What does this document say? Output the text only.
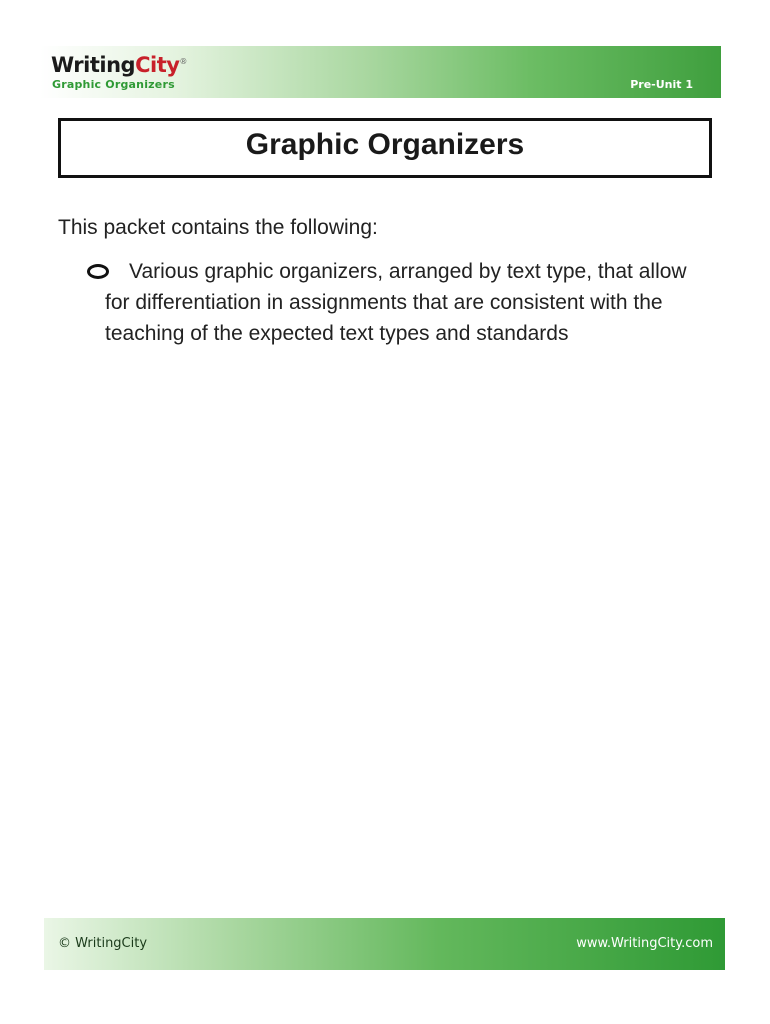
WritingCity®
Graphic Organizers	Pre-Unit 1
Graphic Organizers
This packet contains the following:
Various graphic organizers, arranged by text type, that allow for differentiation in assignments that are consistent with the teaching of the expected text types and standards
© WritingCity	www.WritingCity.com
